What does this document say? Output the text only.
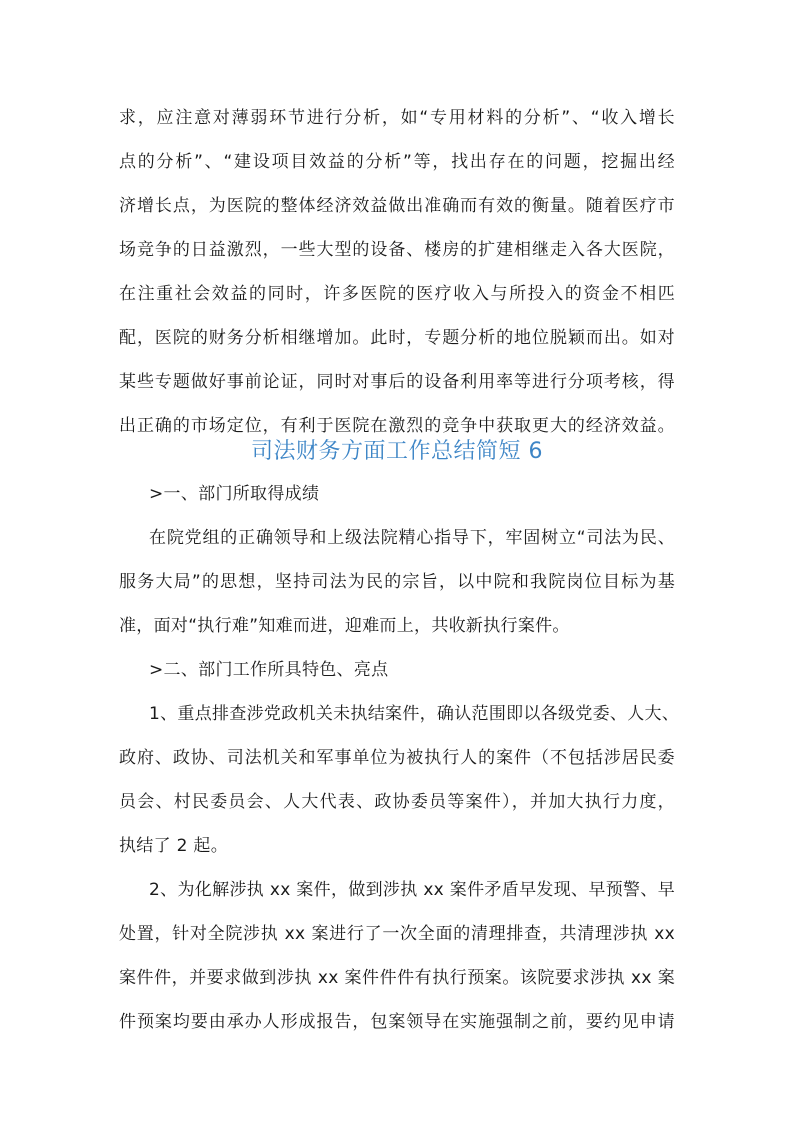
求，应注意对薄弱环节进行分析，如“专用材料的分析”、“收入增长
点的分析”、“建设项目效益的分析”等，找出存在的问题，挖掘出经
济增长点，为医院的整体经济效益做出准确而有效的衡量。随着医疗市
场竞争的日益激烈，一些大型的设备、楼房的扩建相继走入各大医院，
在注重社会效益的同时，许多医院的医疗收入与所投入的资金不相匹
配，医院的财务分析相继增加。此时，专题分析的地位脱颖而出。如对
某些专题做好事前论证，同时对事后的设备利用率等进行分项考核，得
出正确的市场定位，有利于医院在激烈的竞争中获取更大的经济效益。
司法财务方面工作总结简短 6
>一、部门所取得成绩
在院党组的正确领导和上级法院精心指导下，牢固树立“司法为民、
服务大局”的思想，坚持司法为民的宗旨，以中院和我院岗位目标为基
准，面对“执行难”知难而进，迎难而上，共收新执行案件。
>二、部门工作所具特色、亮点
1、重点排查涉党政机关未执结案件，确认范围即以各级党委、人大、
政府、政协、司法机关和军事单位为被执行人的案件（不包括涉居民委
员会、村民委员会、人大代表、政协委员等案件），并加大执行力度，
执结了 2 起。
2、为化解涉执 xx 案件，做到涉执 xx 案件矛盾早发现、早预警、早
处置，针对全院涉执 xx 案进行了一次全面的清理排查，共清理涉执 xx
案件件，并要求做到涉执 xx 案件件件有执行预案。该院要求涉执 xx 案
件预案均要由承办人形成报告，包案领导在实施强制之前，要约见申请
